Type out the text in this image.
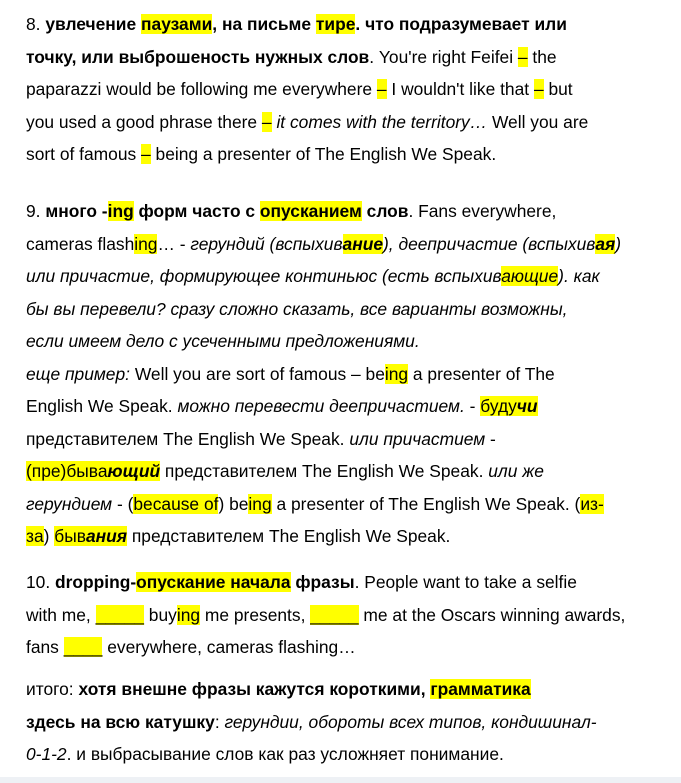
8. увлечение паузами, на письме тире. что подразумевает или
точку, или выброшеность нужных слов. You're right Feifei – the
paparazzi would be following me everywhere – I wouldn't like that – but
you used a good phrase there – it comes with the territory… Well you are
sort of famous – being a presenter of The English We Speak.
9. много -ing форм часто с опусканием слов. Fans everywhere,
cameras flashing… - герундий (вспыхивание), деепричастие (вспыхивая)
или причастие, формирующее континьюс (есть вспыхивающие). как
бы вы перевели? сразу сложно сказать, все варианты возможны,
если имеем дело с усеченными предложениями.
еще пример: Well you are sort of famous – being a presenter of The
English We Speak. можно перевести деепричастием. - будучи
представителем The English We Speak. или причастием -
(пре)бывающий представителем The English We Speak. или же
герундием - (because of) being a presenter of The English We Speak. (из-
за) бывания представителем The English We Speak.
10. dropping-опускание начала фразы. People want to take a selfie
with me, _____ buying me presents, _____ me at the Oscars winning awards,
fans ____ everywhere, cameras flashing…
итого: хотя внешне фразы кажутся короткими, грамматика
здесь на всю катушку: герундии, обороты всех типов, кондишинал-
0-1-2. и выбрасывание слов как раз усложняет понимание.
